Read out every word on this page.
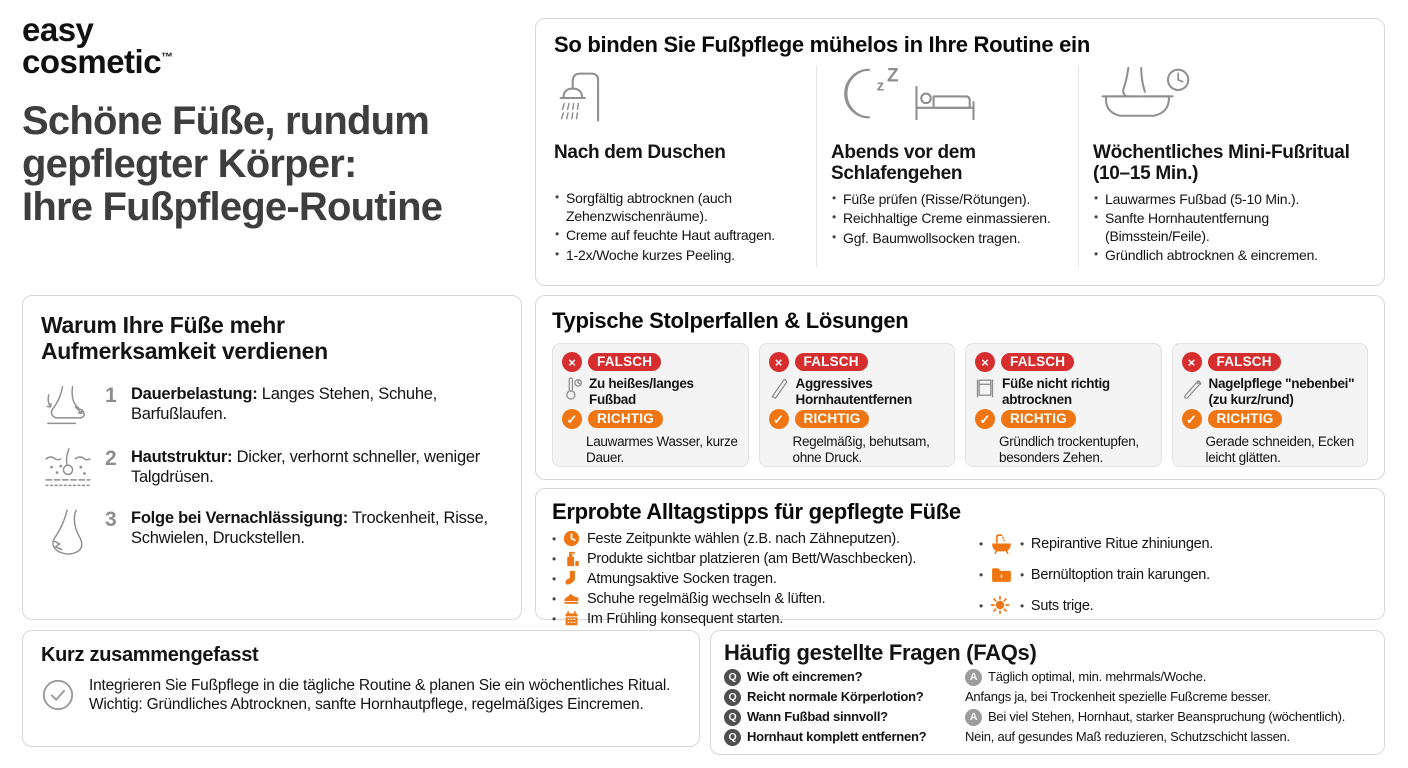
easy
cosmetic™
Schöne Füße, rundum
gepflegter Körper:
Ihre Fußpflege-Routine
So binden Sie Fußpflege mühelos in Ihre Routine ein
Nach dem Duschen
• Sorgfältig abtrocknen (auch Zehenzwischenräume).
• Creme auf feuchte Haut auftragen.
• 1-2x/Woche kurzes Peeling.
z Z
Abends vor dem Schlafengehen
• Füße prüfen (Risse/Rötungen).
• Reichhaltige Creme einmassieren.
• Ggf. Baumwollsocken tragen.
Wöchentliches Mini-Fußritual (10–15 Min.)
• Lauwarmes Fußbad (5-10 Min.).
• Sanfte Hornhautentfernung (Bimsstein/Feile).
• Gründlich abtrocknen & eincremen.
Warum Ihre Füße mehr
Aufmerksamkeit verdienen
1 Dauerbelastung: Langes Stehen, Schuhe, Barfußlaufen.
2 Hautstruktur: Dicker, verhornt schneller, weniger Talgdrüsen.
3 Folge bei Vernachlässigung: Trockenheit, Risse, Schwielen, Druckstellen.
Typische Stolperfallen & Lösungen
×	FALSCH
Zu heißes/langes Fußbad
✓	RICHTIG
Lauwarmes Wasser, kurze Dauer.
×	FALSCH
Aggressives Hornhautentfernen
✓	RICHTIG
Regelmäßig, behutsam, ohne Druck.
×	FALSCH
Füße nicht richtig abtrocknen
✓	RICHTIG
Gründlich trockentupfen, besonders Zehen.
×	FALSCH
Nagelpflege "nebenbei" (zu kurz/rund)
✓	RICHTIG
Gerade schneiden, Ecken leicht glätten.
Erprobte Alltagstipps für gepflegte Füße
• Feste Zeitpunkte wählen (z.B. nach Zähneputzen).
• Produkte sichtbar platzieren (am Bett/Waschbecken).
• Atmungsaktive Socken tragen.
• Schuhe regelmäßig wechseln & lüften.
• Im Frühling konsequent starten.
•	• Repirantive Ritue zhiniungen.
•	• Bernültoption train karungen.
•	• Suts trige.
Kurz zusammengefasst

Integrieren Sie Fußpflege in die tägliche Routine & planen Sie ein wöchentliches Ritual. Wichtig: Gründliches Abtrocknen, sanfte Hornhautpflege, regelmäßiges Eincremen.

Häufig gestellte Fragen (FAQs)
Q Wie oft eincremen?	A Täglich optimal, min. mehrmals/Woche.
Q Reicht normale Körperlotion?	Anfangs ja, bei Trockenheit spezielle Fußcreme besser.
Q Wann Fußbad sinnvoll?	A Bei viel Stehen, Hornhaut, starker Beanspruchung (wöchentlich).
Q Hornhaut komplett entfernen?	Nein, auf gesundes Maß reduzieren, Schutzschicht lassen.
